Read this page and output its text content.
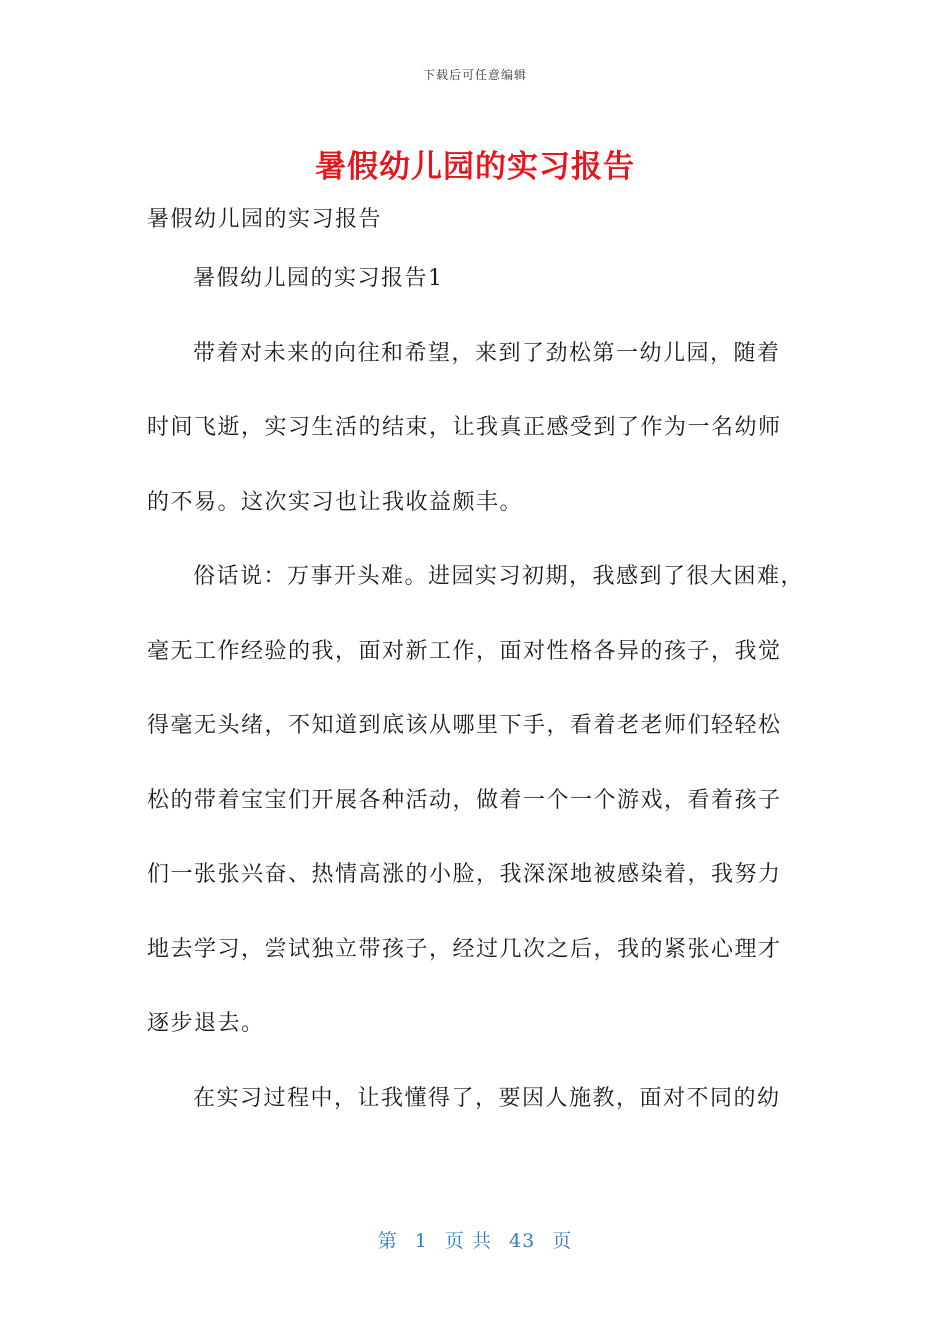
下载后可任意编辑
暑假幼儿园的实习报告
暑假幼儿园的实习报告
暑假幼儿园的实习报告1
带着对未来的向往和希望，来到了劲松第一幼儿园，随着
时间飞逝，实习生活的结束，让我真正感受到了作为一名幼师
的不易。这次实习也让我收益颇丰。
俗话说：万事开头难。进园实习初期，我感到了很大困难，
毫无工作经验的我，面对新工作，面对性格各异的孩子，我觉
得毫无头绪，不知道到底该从哪里下手，看着老老师们轻轻松
松的带着宝宝们开展各种活动，做着一个一个游戏，看着孩子
们一张张兴奋、热情高涨的小脸，我深深地被感染着，我努力
地去学习，尝试独立带孩子，经过几次之后，我的紧张心理才
逐步退去。
在实习过程中，让我懂得了，要因人施教，面对不同的幼
第 1 页 共 43 页
